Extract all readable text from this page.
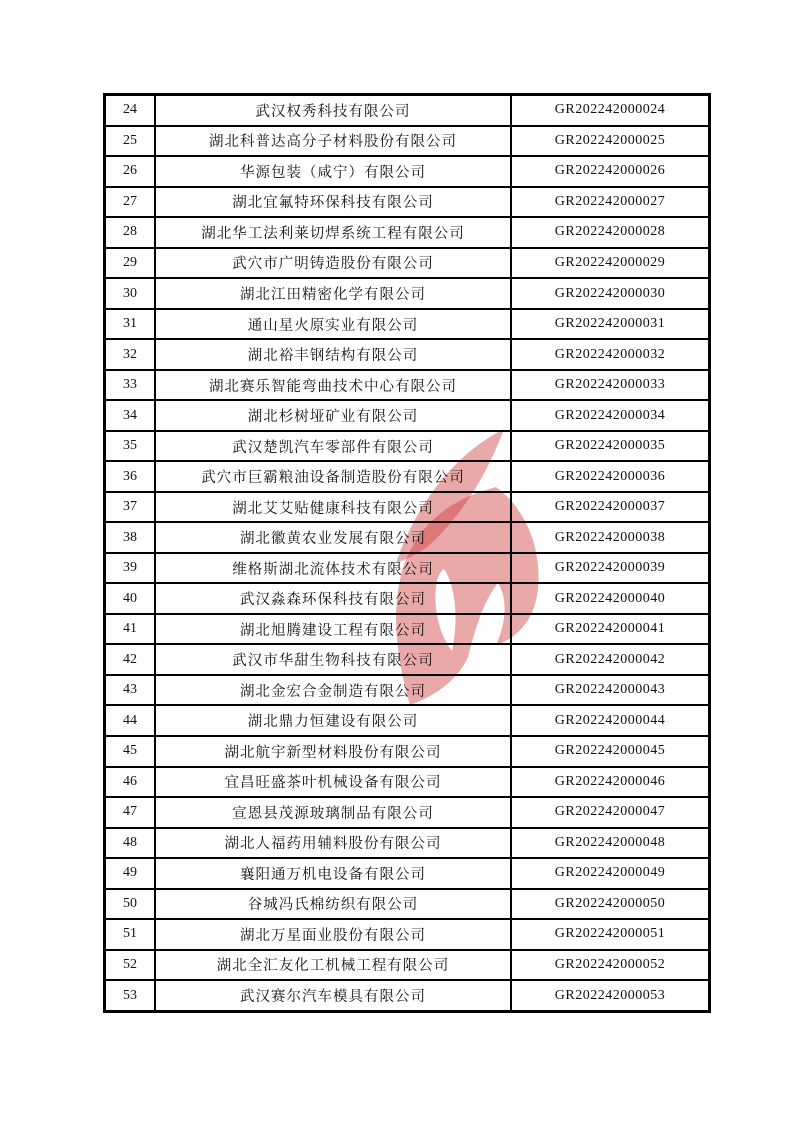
24	武汉权秀科技有限公司	GR202242000024
25	湖北科普达高分子材料股份有限公司	GR202242000025
26	华源包装（咸宁）有限公司	GR202242000026
27	湖北宜氟特环保科技有限公司	GR202242000027
28	湖北华工法利莱切焊系统工程有限公司	GR202242000028
29	武穴市广明铸造股份有限公司	GR202242000029
30	湖北江田精密化学有限公司	GR202242000030
31	通山星火原实业有限公司	GR202242000031
32	湖北裕丰钢结构有限公司	GR202242000032
33	湖北赛乐智能弯曲技术中心有限公司	GR202242000033
34	湖北杉树垭矿业有限公司	GR202242000034
35	武汉楚凯汽车零部件有限公司	GR202242000035
36	武穴市巨霸粮油设备制造股份有限公司	GR202242000036
37	湖北艾艾贴健康科技有限公司	GR202242000037
38	湖北徽黄农业发展有限公司	GR202242000038
39	维格斯湖北流体技术有限公司	GR202242000039
40	武汉淼森环保科技有限公司	GR202242000040
41	湖北旭腾建设工程有限公司	GR202242000041
42	武汉市华甜生物科技有限公司	GR202242000042
43	湖北金宏合金制造有限公司	GR202242000043
44	湖北鼎力恒建设有限公司	GR202242000044
45	湖北航宇新型材料股份有限公司	GR202242000045
46	宜昌旺盛茶叶机械设备有限公司	GR202242000046
47	宣恩县茂源玻璃制品有限公司	GR202242000047
48	湖北人福药用辅料股份有限公司	GR202242000048
49	襄阳通万机电设备有限公司	GR202242000049
50	谷城冯氏棉纺织有限公司	GR202242000050
51	湖北万星面业股份有限公司	GR202242000051
52	湖北全汇友化工机械工程有限公司	GR202242000052
53	武汉赛尔汽车模具有限公司	GR202242000053
